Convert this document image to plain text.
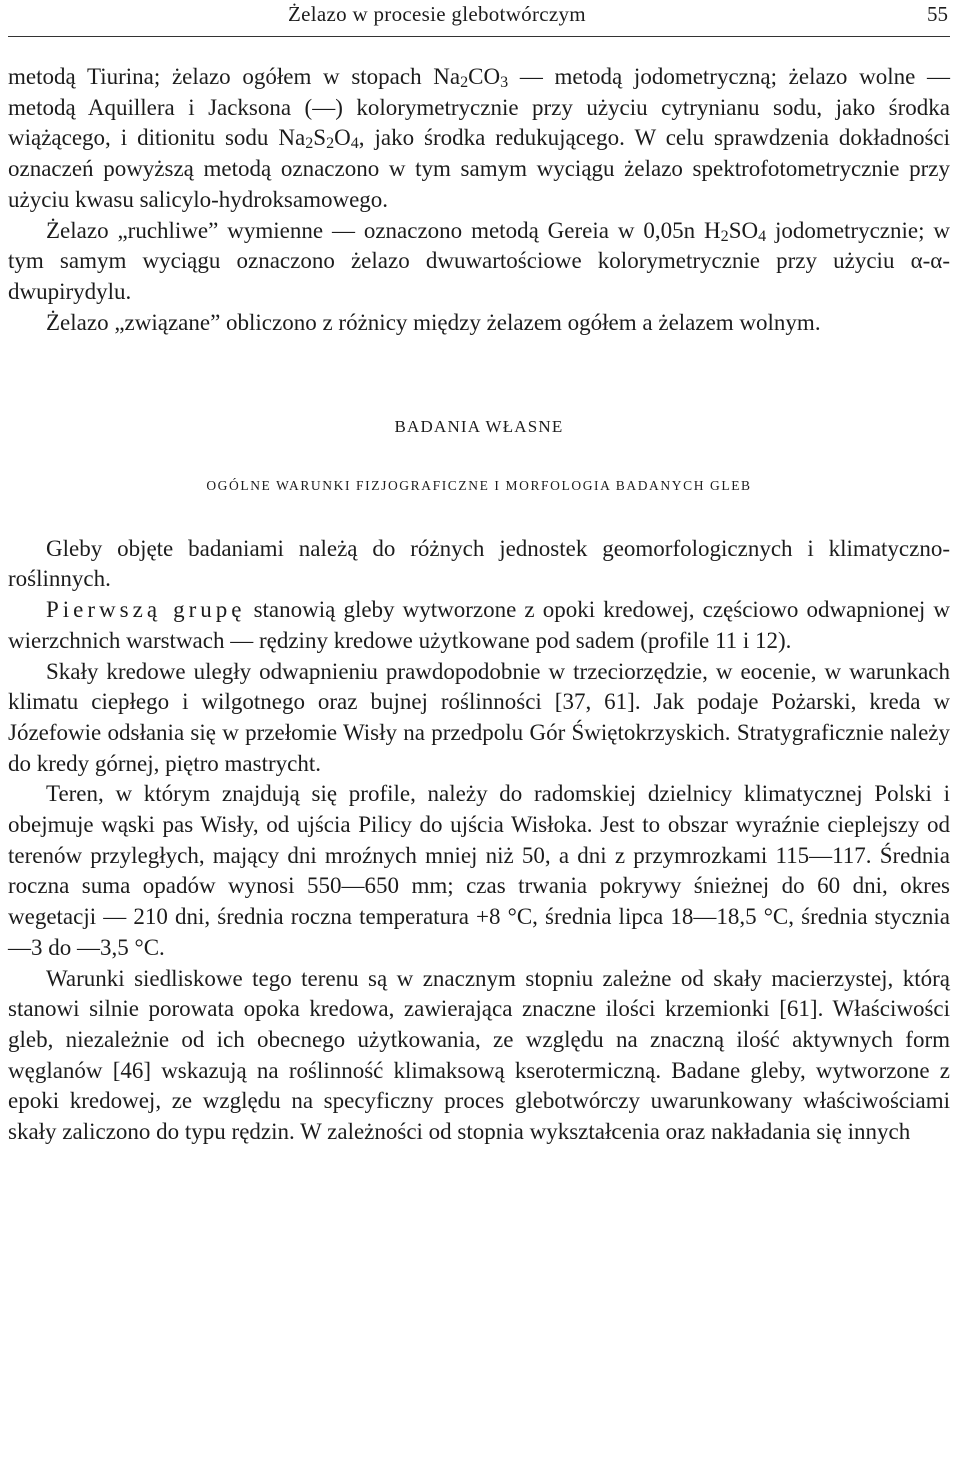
Żelazo w procesie glebotwórczym	55

metodą Tiurina; żelazo ogółem w stopach $Na_2CO_3$ — metodą jodometryczną; żelazo wolne — metodą Aquillera i Jacksona (—) kolorymetrycznie przy użyciu cytrynianu sodu, jako środka wiążącego, i ditionitu sodu $Na_2S_2O_4$, jako środka redukującego. W celu sprawdzenia dokładności oznaczeń powyższą metodą oznaczono w tym samym wyciągu żelazo spektrofotometrycznie przy użyciu kwasu salicylo-hydroksamowego.

Żelazo „ruchliwe” wymienne — oznaczono metodą Gereia w 0,05n $H_2SO_4$ jodometrycznie; w tym samym wyciągu oznaczono żelazo dwuwartościowe kolorymetrycznie przy użyciu α-α-dwupirydylu.

Żelazo „związane” obliczono z różnicy między żelazem ogółem a żelazem wolnym.

BADANIA WŁASNE
OGÓLNE WARUNKI FIZJOGRAFICZNE I MORFOLOGIA BADANYCH GLEB

Gleby objęte badaniami należą do różnych jednostek geomorfologicznych i klimatyczno-roślinnych.

Pierwszą grupę stanowią gleby wytworzone z opoki kredowej, częściowo odwapnionej w wierzchnich warstwach — rędziny kredowe użytkowane pod sadem (profile 11 i 12).

Skały kredowe uległy odwapnieniu prawdopodobnie w trzeciorzędzie, w eocenie, w warunkach klimatu ciepłego i wilgotnego oraz bujnej roślinności [37, 61]. Jak podaje Pożarski, kreda w Józefowie odsłania się w przełomie Wisły na przedpolu Gór Świętokrzyskich. Stratygraficznie należy do kredy górnej, piętro mastrycht.

Teren, w którym znajdują się profile, należy do radomskiej dzielnicy klimatycznej Polski i obejmuje wąski pas Wisły, od ujścia Pilicy do ujścia Wisłoka. Jest to obszar wyraźnie cieplejszy od terenów przyległych, mający dni mroźnych mniej niż 50, a dni z przymrozkami 115—117. Średnia roczna suma opadów wynosi 550—650 mm; czas trwania pokrywy śnieżnej do 60 dni, okres wegetacji — 210 dni, średnia roczna temperatura +8 °C, średnia lipca 18—18,5 °C, średnia stycznia —3 do —3,5 °C.

Warunki siedliskowe tego terenu są w znacznym stopniu zależne od skały macierzystej, którą stanowi silnie porowata opoka kredowa, zawierająca znaczne ilości krzemionki [61]. Właściwości gleb, niezależnie od ich obecnego użytkowania, ze względu na znaczną ilość aktywnych form węglanów [46] wskazują na roślinność klimaksową kserotermiczną. Badane gleby, wytworzone z epoki kredowej, ze względu na specyficzny proces glebotwórczy uwarunkowany właściwościami skały zaliczono do typu rędzin. W zależności od stopnia wykształcenia oraz nakładania się innych
